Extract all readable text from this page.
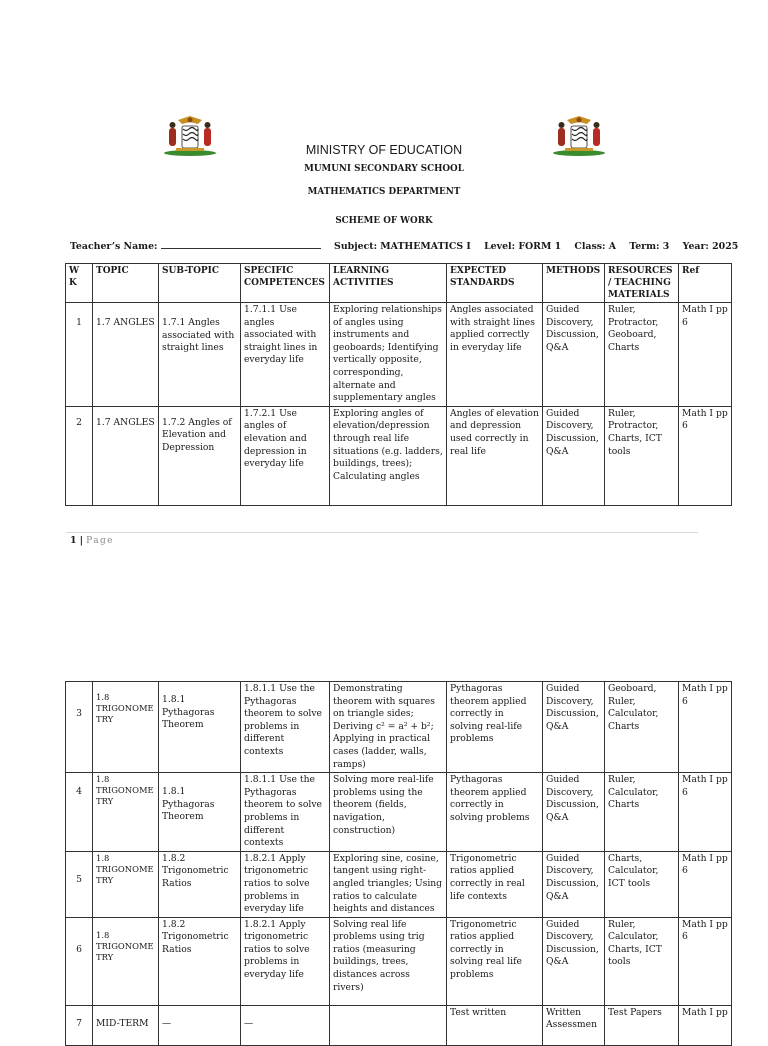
MINISTRY OF EDUCATION
MUMUNI SECONDARY SCHOOL
MATHEMATICS DEPARTMENT
SCHEME OF WORK
Teacher’s Name:	Subject: MATHEMATICS I Level: FORM 1 Class: A Term: 3 Year: 2025
W K	TOPIC	SUB-TOPIC	SPECIFIC COMPETENCES	LEARNING ACTIVITIES	EXPECTED STANDARDS	METHODS	RESOURCES / TEACHING MATERIALS	Ref
1	1.7 ANGLES	1.7.1 Angles associated with straight lines	1.7.1.1 Use angles associated with straight lines in everyday life	Exploring relationships of angles using instruments and geoboards; Identifying vertically opposite, corresponding, alternate and supplementary angles	Angles associated with straight lines applied correctly in everyday life	Guided Discovery, Discussion, Q&A	Ruler, Protractor, Geoboard, Charts	Math I pp 6
2	1.7 ANGLES	1.7.2 Angles of Elevation and Depression	1.7.2.1 Use angles of elevation and depression in everyday life	Exploring angles of elevation/depression through real life situations (e.g. ladders, buildings, trees); Calculating angles	Angles of elevation and depression used correctly in real life	Guided Discovery, Discussion, Q&A	Ruler, Protractor, Charts, ICT tools	Math I pp 6
1 | Page
3	1.8 TRIGONOME TRY	1.8.1 Pythagoras Theorem	1.8.1.1 Use the Pythagoras theorem to solve problems in different contexts	Demonstrating theorem with squares on triangle sides; Deriving c² = a² + b²; Applying in practical cases (ladder, walls, ramps)	Pythagoras theorem applied correctly in solving real-life problems	Guided Discovery, Discussion, Q&A	Geoboard, Ruler, Calculator, Charts	Math I pp 6
4	1.8 TRIGONOME TRY	1.8.1 Pythagoras Theorem	1.8.1.1 Use the Pythagoras theorem to solve problems in different contexts	Solving more real-life problems using the theorem (fields, navigation, construction)	Pythagoras theorem applied correctly in solving problems	Guided Discovery, Discussion, Q&A	Ruler, Calculator, Charts	Math I pp 6
5	1.8 TRIGONOME TRY	1.8.2 Trigonometric Ratios	1.8.2.1 Apply trigonometric ratios to solve problems in everyday life	Exploring sine, cosine, tangent using right-angled triangles; Using ratios to calculate heights and distances	Trigonometric ratios applied correctly in real life contexts	Guided Discovery, Discussion, Q&A	Charts, Calculator, ICT tools	Math I pp 6
6	1.8 TRIGONOME TRY	1.8.2 Trigonometric Ratios	1.8.2.1 Apply trigonometric ratios to solve problems in everyday life	Solving real life problems using trig ratios (measuring buildings, trees, distances across rivers)	Trigonometric ratios applied correctly in solving real life problems	Guided Discovery, Discussion, Q&A	Ruler, Calculator, Charts, ICT tools	Math I pp 6
7	MID-TERM	—	—		Test written	Written Assessmen	Test Papers	Math I pp
